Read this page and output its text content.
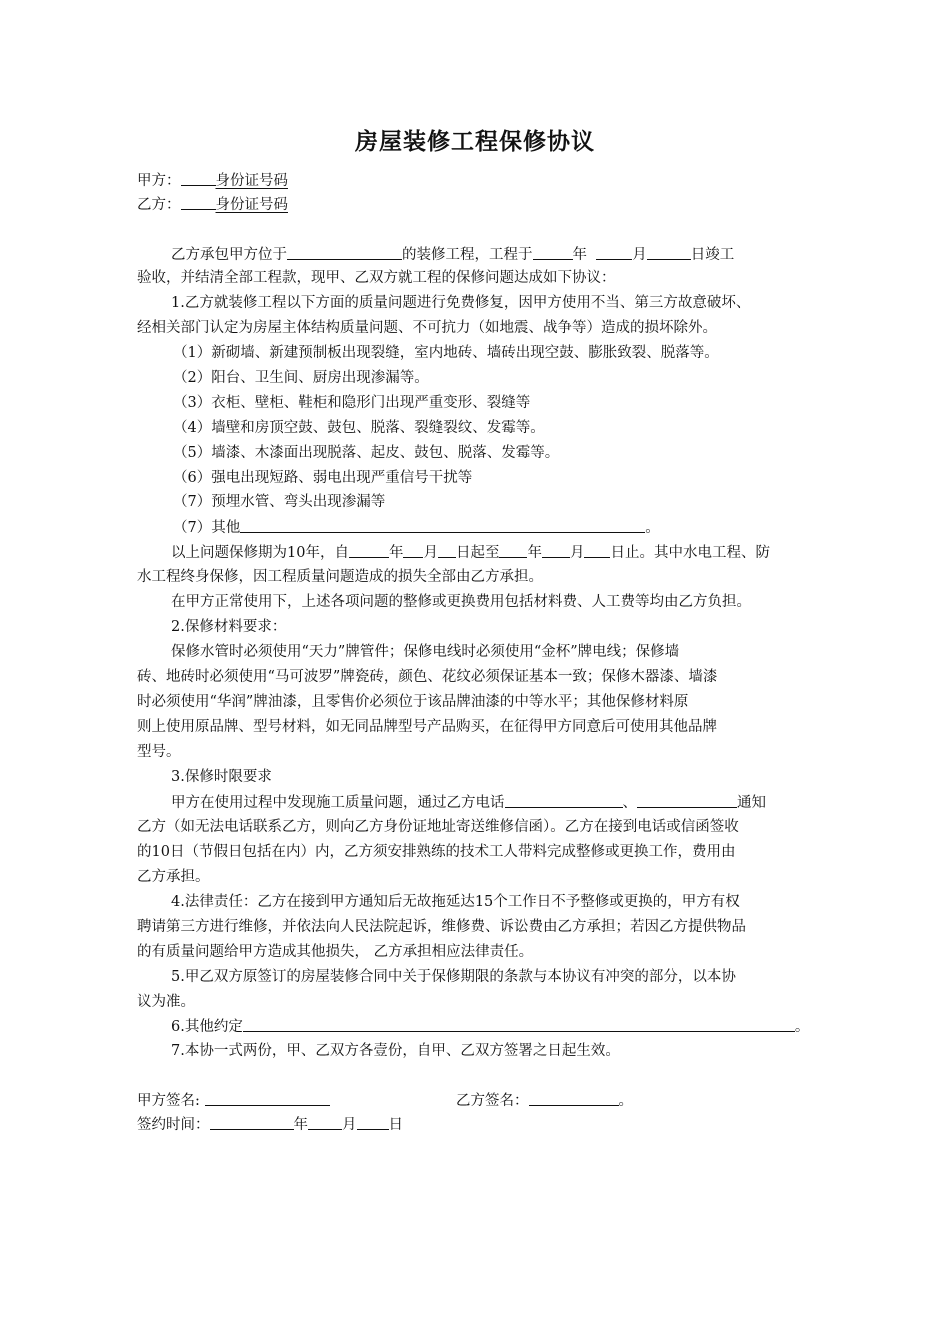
房屋装修工程保修协议
甲方： 身份证号码
乙方： 身份证号码
乙方承包甲方位于	的装修工程，工程于	年	月	日竣工
验收，并结清全部工程款，现甲、乙双方就工程的保修问题达成如下协议：
1.乙方就装修工程以下方面的质量问题进行免费修复，因甲方使用不当、第三方故意破坏、
经相关部门认定为房屋主体结构质量问题、不可抗力（如地震、战争等）造成的损坏除外。
（1）新砌墙、新建预制板出现裂缝，室内地砖、墙砖出现空鼓、膨胀致裂、脱落等。
（2）阳台、卫生间、厨房出现渗漏等。
（3）衣柜、壁柜、鞋柜和隐形门出现严重变形、裂缝等
（4）墙壁和房顶空鼓、鼓包、脱落、裂缝裂纹、发霉等。
（5）墙漆、木漆面出现脱落、起皮、鼓包、脱落、发霉等。
（6）强电出现短路、弱电出现严重信号干扰等
（7）预埋水管、弯头出现渗漏等
（7）其他	。
以上问题保修期为10年，自	年 月 日起至 年 月 日止。其中水电工程、防
水工程终身保修，因工程质量问题造成的损失全部由乙方承担。
在甲方正常使用下，上述各项问题的整修或更换费用包括材料费、人工费等均由乙方负担。
2.保修材料要求：
保修水管时必须使用“天力”牌管件；保修电线时必须使用“金杯”牌电线；保修墙
砖、地砖时必须使用“马可波罗”牌瓷砖，颜色、花纹必须保证基本一致；保修木器漆、墙漆
时必须使用“华润”牌油漆，且零售价必须位于该品牌油漆的中等水平；其他保修材料原
则上使用原品牌、型号材料，如无同品牌型号产品购买，在征得甲方同意后可使用其他品牌
型号。
3.保修时限要求
甲方在使用过程中发现施工质量问题，通过乙方电话	、	通知
乙方（如无法电话联系乙方，则向乙方身份证地址寄送维修信函）。乙方在接到电话或信函签收
的10日（节假日包括在内）内，乙方须安排熟练的技术工人带料完成整修或更换工作，费用由
乙方承担。
4.法律责任：乙方在接到甲方通知后无故拖延达15个工作日不予整修或更换的，甲方有权
聘请第三方进行维修，并依法向人民法院起诉，维修费、诉讼费由乙方承担；若因乙方提供物品
的有质量问题给甲方造成其他损失， 乙方承担相应法律责任。
5.甲乙双方原签订的房屋装修合同中关于保修期限的条款与本协议有冲突的部分，以本协
议为准。
6.其他约定	。
7.本协一式两份，甲、乙双方各壹份，自甲、乙双方签署之日起生效。
甲方签名:	乙方签名：	。
签约时间：	年 月 日
